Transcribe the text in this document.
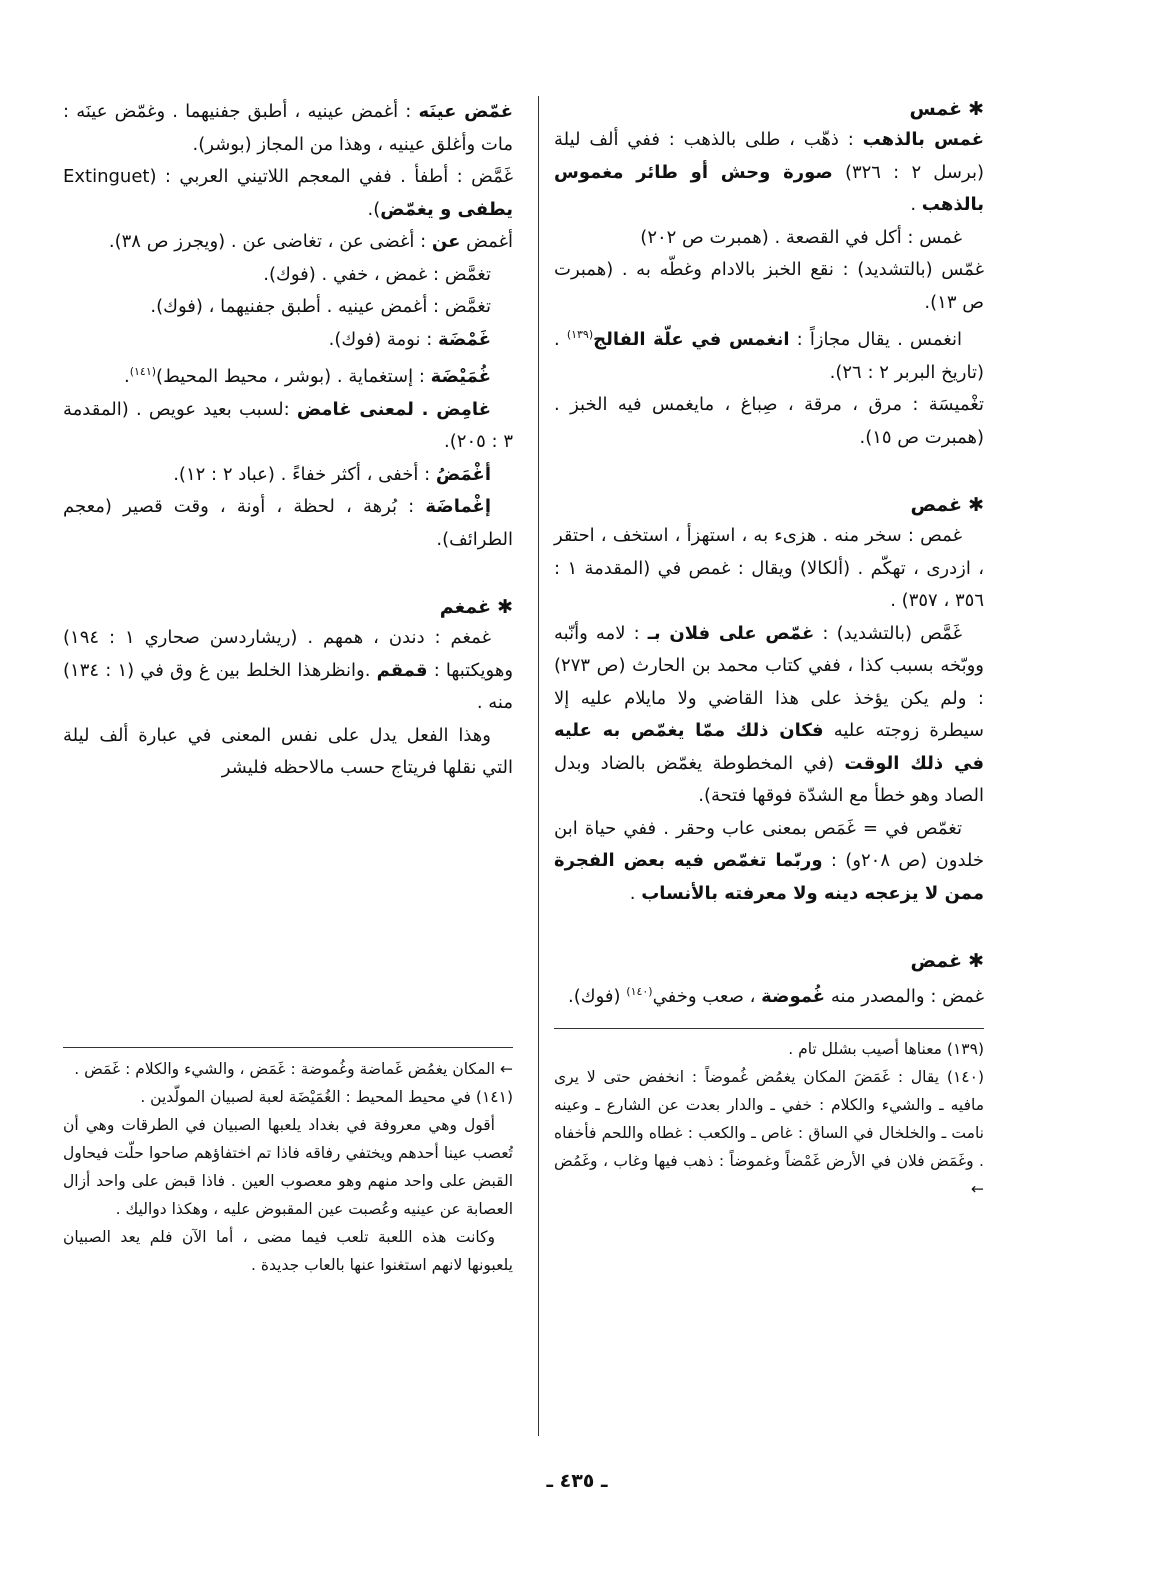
✱غمس

غمس بالذهب : ذهّب ، طلى بالذهب : ففي ألف ليلة (برسل ٢ : ٣٢٦) صورة وحش أو طائر مغموس بالذهب .

غمس : أكل في القصعة . (همبرت ص ٢٠٢)

غمّس (بالتشديد) : نقع الخبز بالادام وغطّه به . (همبرت ص ١٣).

انغمس . يقال مجازاً : انغمس في علّة الفالج$^{(١٣٩)}$ . (تاريخ البربر ٢ : ٢٦).

تغْميسَة : مرق ، مرقة ، صِباغ ، مايغمس فيه الخبز . (همبرت ص ١٥).

✱غمص

غمص : سخر منه . هزىء به ، استهزأ ، استخف ، احتقر ، ازدرى ، تهكّم . (ألكالا) ويقال : غمص في (المقدمة ١ : ٣٥٦ ، ٣٥٧) .

غَمَّص (بالتشديد) : غمّص على فلان بـ : لامه وأنّبه ووبّخه بسبب كذا ، ففي كتاب محمد بن الحارث (ص ٢٧٣) : ولم يكن يؤخذ على هذا القاضي ولا مايلام عليه إلا سيطرة زوجته عليه فكان ذلك ممّا يغمّص به عليه في ذلك الوقت (في المخطوطة يغمّض بالضاد وبدل الصاد وهو خطأ مع الشدّة فوقها فتحة).

تغمّص في = غَمَص بمعنى عاب وحقر . ففي حياة ابن خلدون (ص ٢٠٨و) : وربّما تغمّص فيه بعض الفجرة ممن لا يزعجه دينه ولا معرفته بالأنساب .

✱غمض

غمض : والمصدر منه غُموضة ، صعب وخفي$^{(١٤٠)}$ (فوك).

(١٣٩) معناها أصيب بشلل تام .

(١٤٠) يقال : غَمَضَ المكان يغمُض غُموضاً : انخفض حتى لا يرى مافيه ـ والشيء والكلام : خفي ـ والدار بعدت عن الشارع ـ وعينه نامت ـ والخلخال في الساق : غاص ـ والكعب : غطاه واللحم فأخفاه . وغَمَض فلان في الأرض غَمْضاً وغموضاً : ذهب فيها وغاب ، وغَمُض ←

غمّض عينَه : أغمض عينيه ، أطبق جفنيهما . وغمّض عينَه : مات وأغلق عينيه ، وهذا من المجاز (بوشر).

غَمَّض : أطفأ . ففي المعجم اللاتيني العربي : (Extinguet يطفى و يغمّض).

أغمض عن : أغضى عن ، تغاضى عن . (ويجرز ص ٣٨).

تغمَّض : غمض ، خفي . (فوك).

تغمَّض : أغمض عينيه . أطبق جفنيهما ، (فوك).

غَمْضَة : نومة (فوك).

غُمَيْضَة : إستغماية . (بوشر ، محيط المحيط)$^{(١٤١)}$.

غامِض . لمعنى غامض :لسبب بعيد عويص . (المقدمة ٣ : ٢٠٥).

أغْمَضُ : أخفى ، أكثر خفاءً . (عباد ٢ : ١٢).

إغْماضَة : بُرهة ، لحظة ، أونة ، وقت قصير (معجم الطرائف).

✱غمغم

غمغم : دندن ، همهم . (ريشاردسن صحاري ١ : ١٩٤) وهويكتبها : قمقم .وانظرهذا الخلط بين غ وق في (١ : ١٣٤) منه .

وهذا الفعل يدل على نفس المعنى في عبارة ألف ليلة التي نقلها فريتاج حسب مالاحظه فليشر

← المكان يغمُض غَماضة وغُموضة : غَمَض ، والشيء والكلام : غَمَض .

(١٤١) في محيط المحيط : الغُمَيْضَة لعبة لصبيان المولّدين .

أقول وهي معروفة في بغداد يلعبها الصبيان في الطرقات وهي أن تُعصب عينا أحدهم ويختفي رفاقه فاذا تم اختفاؤهم صاحوا حلّت فيحاول القبض على واحد منهم وهو معصوب العين . فاذا قبض على واحد أزال العصابة عن عينيه وعُصبت عين المقبوض عليه ، وهكذا دواليك .

وكانت هذه اللعبة تلعب فيما مضى ، أما الآن فلم يعد الصبيان يلعبونها لانهم استغنوا عنها بالعاب جديدة .

ـ ٤٣٥ ـ
